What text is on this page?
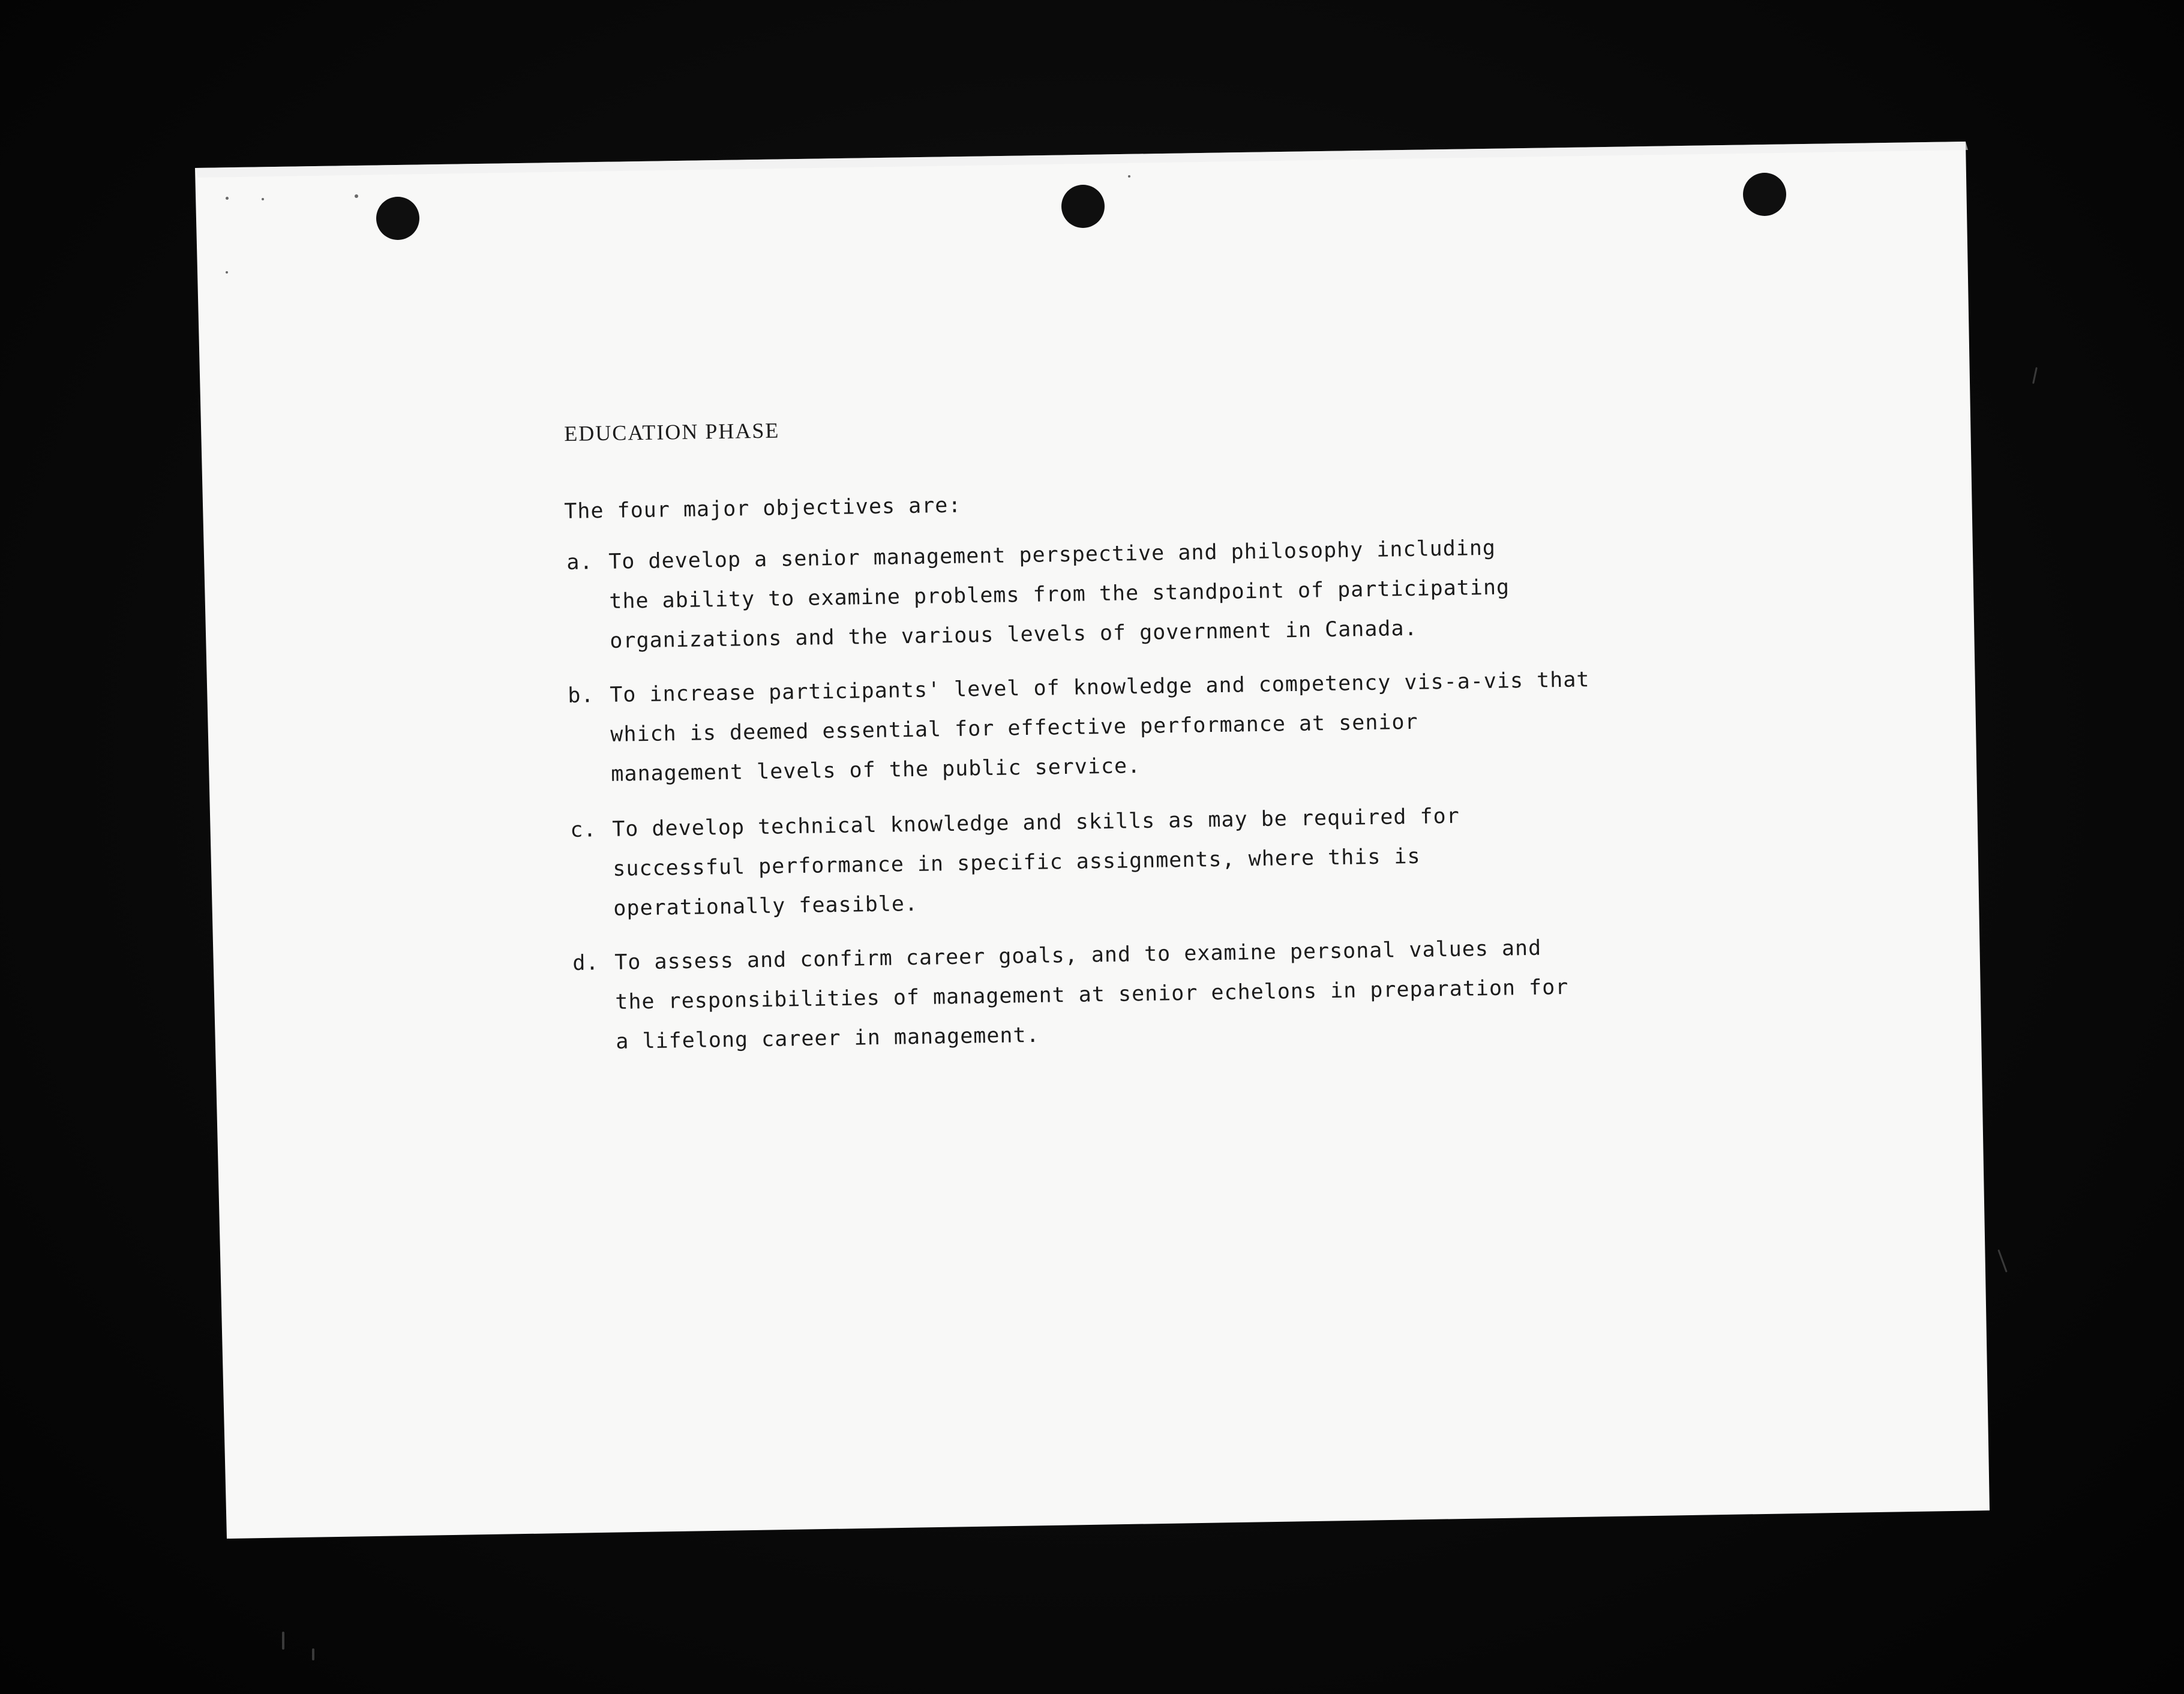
EDUCATION PHASE
The four major objectives are:
a. To develop a senior management perspective and philosophy including
the ability to examine problems from the standpoint of participating
organizations and the various levels of government in Canada.
b. To increase participants' level of knowledge and competency vis-a-vis that
which is deemed essential for effective performance at senior
management levels of the public service.
c. To develop technical knowledge and skills as may be required for
successful performance in specific assignments, where this is
operationally feasible.
d. To assess and confirm career goals, and to examine personal values and
the responsibilities of management at senior echelons in preparation for
a lifelong career in management.
